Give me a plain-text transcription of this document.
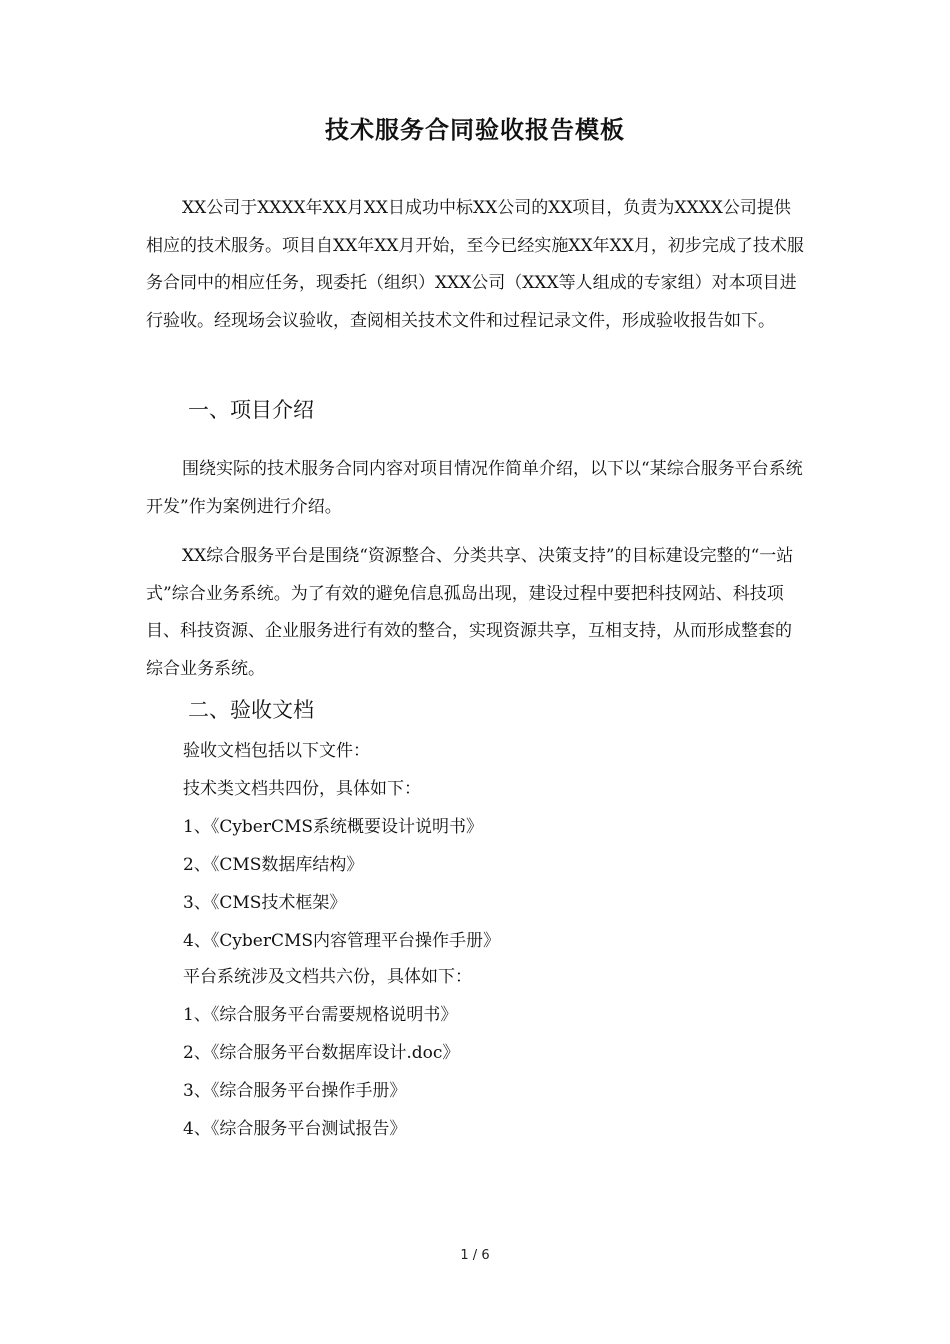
技术服务合同验收报告模板

XX公司于XXXX年XX月XX日成功中标XX公司的XX项目，负责为XXXX公司提供相应的技术服务。项目自XX年XX月开始，至今已经实施XX年XX月，初步完成了技术服务合同中的相应任务，现委托（组织）XXX公司（XXX等人组成的专家组）对本项目进行验收。经现场会议验收，查阅相关技术文件和过程记录文件，形成验收报告如下。

一、项目介绍

围绕实际的技术服务合同内容对项目情况作简单介绍，以下以“某综合服务平台系统开发”作为案例进行介绍。

XX综合服务平台是围绕“资源整合、分类共享、决策支持”的目标建设完整的“一站式”综合业务系统。为了有效的避免信息孤岛出现，建设过程中要把科技网站、科技项目、科技资源、企业服务进行有效的整合，实现资源共享，互相支持，从而形成整套的综合业务系统。

二、验收文档
验收文档包括以下文件：
技术类文档共四份，具体如下：
1、《CyberCMS系统概要设计说明书》
2、《CMS数据库结构》
3、《CMS技术框架》
4、《CyberCMS内容管理平台操作手册》
平台系统涉及文档共六份，具体如下：
1、《综合服务平台需要规格说明书》
2、《综合服务平台数据库设计.doc》
3、《综合服务平台操作手册》
4、《综合服务平台测试报告》
1 / 6
